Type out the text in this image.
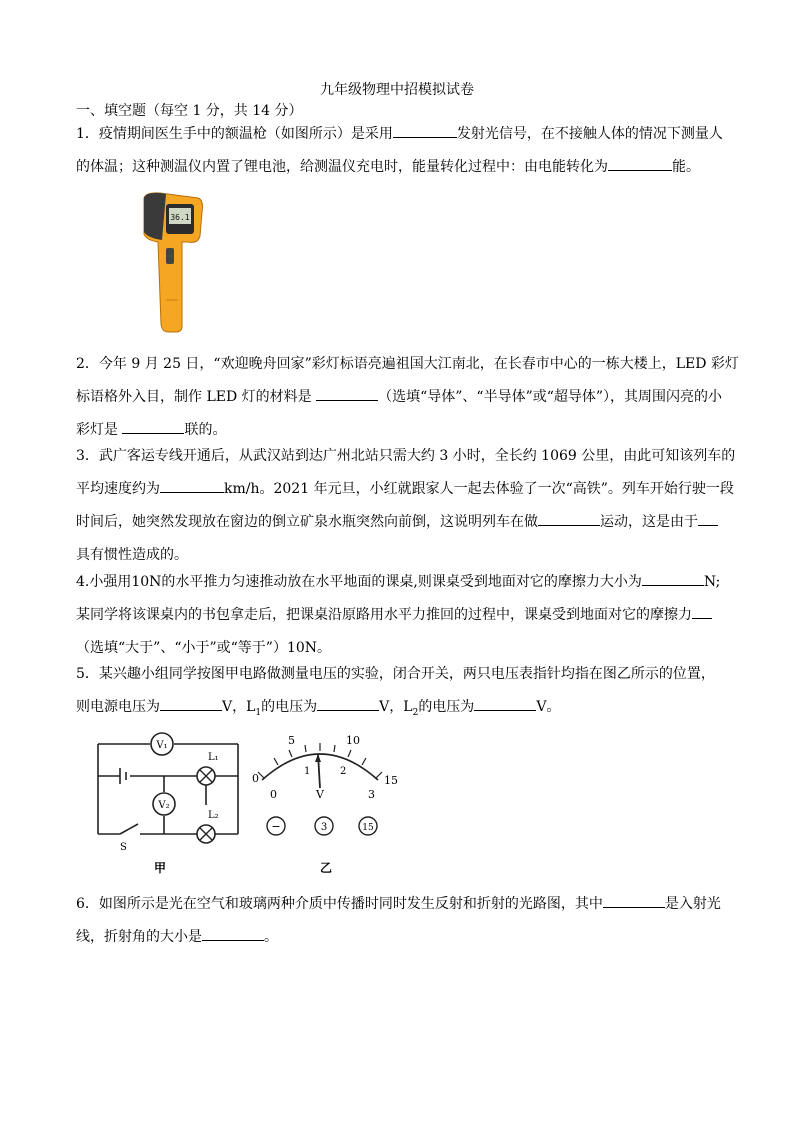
九年级物理中招模拟试卷
一、填空题（每空 1 分，共 14 分）
1．疫情期间医生手中的额温枪（如图所示）是采用	发射光信号，在不接触人体的情况下测量人
的体温；这种测温仪内置了锂电池，给测温仪充电时，能量转化过程中：由电能转化为	能。
36.1
2．今年 9 月 25 日，“欢迎晚舟回家”彩灯标语亮遍祖国大江南北，在长春市中心的一栋大楼上，LED 彩灯
标语格外入目，制作 LED 灯的材料是	（选填“导体”、“半导体”或“超导体”），其周围闪亮的小
彩灯是	联的。
3．武广客运专线开通后，从武汉站到达广州北站只需大约 3 小时，全长约 1069 公里，由此可知该列车的
平均速度约为	km/h。2021 年元旦，小红就跟家人一起去体验了一次“高铁”。列车开始行驶一段
时间后，她突然发现放在窗边的倒立矿泉水瓶突然向前倒，这说明列车在做	运动，这是由于
具有惯性造成的。
4.小强用10N的水平推力匀速推动放在水平地面的课桌,则课桌受到地面对它的摩擦力大小为	N;
某同学将该课桌内的书包拿走后，把课桌沿原路用水平力推回的过程中，课桌受到地面对它的摩擦力
（选填“大于”、“小于”或“等于”）10N。
5．某兴趣小组同学按图甲电路做测量电压的实验，闭合开关，两只电压表指针均指在图乙所示的位置，
则电源电压为	V，$L_1$的电压为	V，$L_2$的电压为	V。
V₁
L₁
V₂
L₂
S
甲
0
5	10
15
0
1	2
3
V
−	3	15
乙
6．如图所示是光在空气和玻璃两种介质中传播时同时发生反射和折射的光路图，其中	是入射光
线，折射角的大小是	。
